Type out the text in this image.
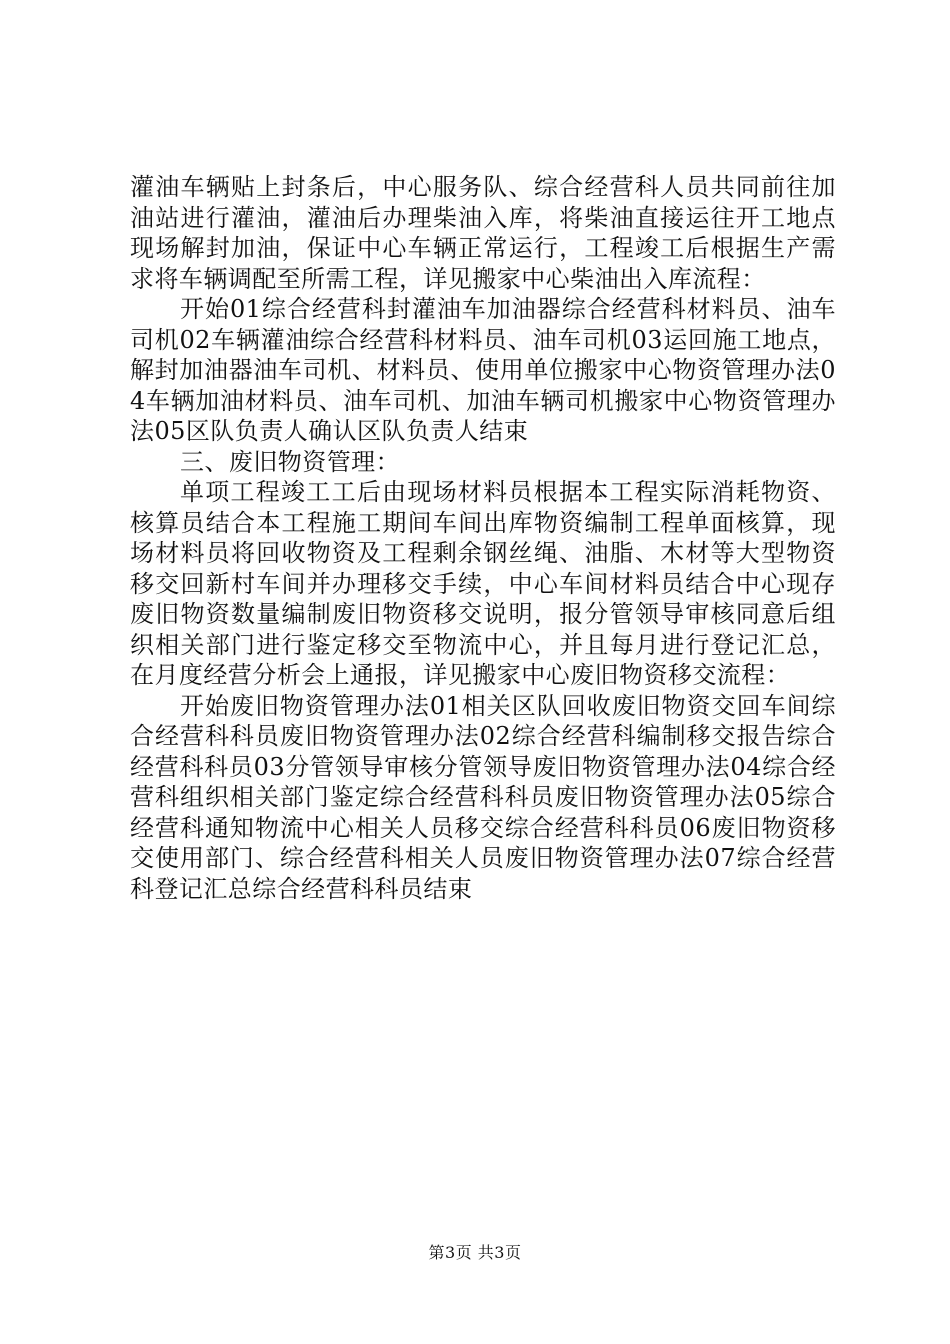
灌油车辆贴上封条后，中心服务队、综合经营科人员共同前往加油站进行灌油，灌油后办理柴油入库，将柴油直接运往开工地点现场解封加油，保证中心车辆正常运行，工程竣工后根据生产需求将车辆调配至所需工程，详见搬家中心柴油出入库流程：

开始01综合经营科封灌油车加油器综合经营科材料员、油车司机02车辆灌油综合经营科材料员、油车司机03运回施工地点，解封加油器油车司机、材料员、使用单位搬家中心物资管理办法04车辆加油材料员、油车司机、加油车辆司机搬家中心物资管理办法05区队负责人确认区队负责人结束

三、废旧物资管理：

单项工程竣工工后由现场材料员根据本工程实际消耗物资、核算员结合本工程施工期间车间出库物资编制工程单面核算，现场材料员将回收物资及工程剩余钢丝绳、油脂、木材等大型物资移交回新村车间并办理移交手续，中心车间材料员结合中心现存废旧物资数量编制废旧物资移交说明，报分管领导审核同意后组织相关部门进行鉴定移交至物流中心，并且每月进行登记汇总，在月度经营分析会上通报，详见搬家中心废旧物资移交流程：

开始废旧物资管理办法01相关区队回收废旧物资交回车间综合经营科科员废旧物资管理办法02综合经营科编制移交报告综合经营科科员03分管领导审核分管领导废旧物资管理办法04综合经营科组织相关部门鉴定综合经营科科员废旧物资管理办法05综合经营科通知物流中心相关人员移交综合经营科科员06废旧物资移交使用部门、综合经营科相关人员废旧物资管理办法07综合经营科登记汇总综合经营科科员结束

第3页 共3页
